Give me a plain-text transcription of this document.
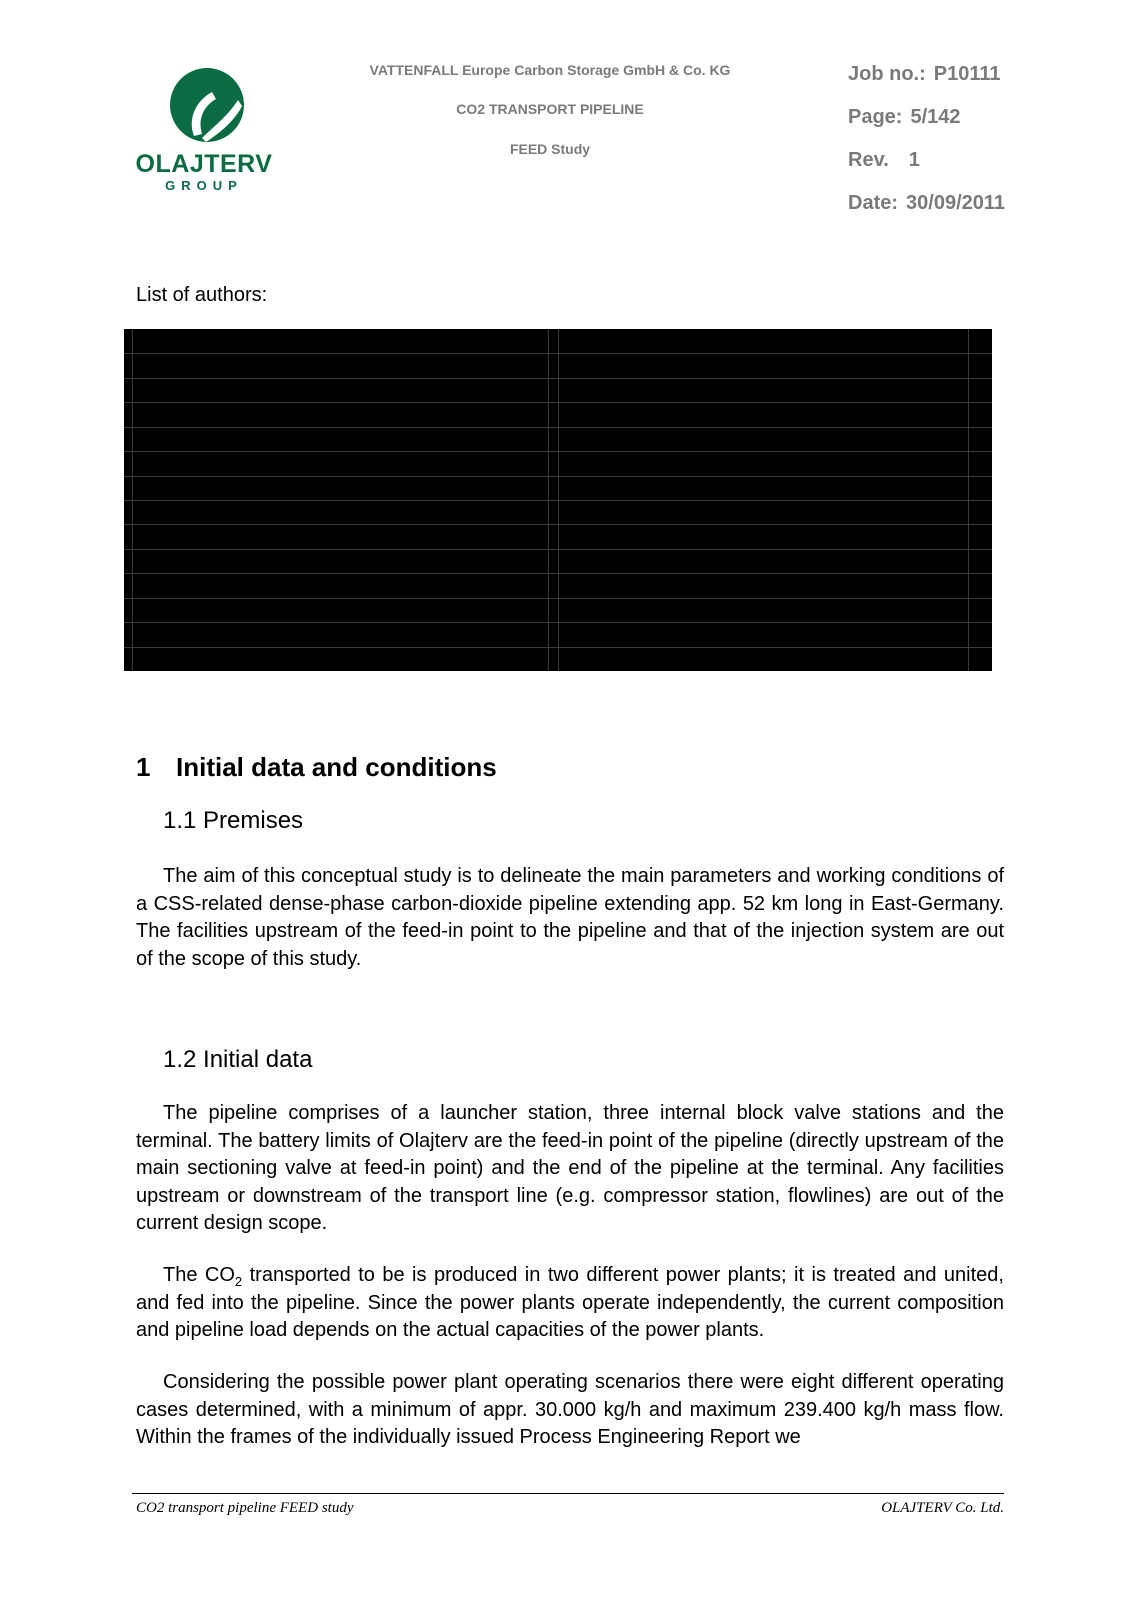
OLAJTERV
GROUP
VATTENFALL Europe Carbon Storage GmbH & Co. KG
CO2 TRANSPORT PIPELINE
FEED Study
Job no.: P10111
Page: 5/142
Rev. 1
Date: 30/09/2011
List of authors:
1 Initial data and conditions
1.1 Premises
The aim of this conceptual study is to delineate the main parameters and working conditions of a CSS-related dense-phase carbon-dioxide pipeline extending app. 52 km long in East-Germany. The facilities upstream of the feed-in point to the pipeline and that of the injection system are out of the scope of this study.
1.2 Initial data
The pipeline comprises of a launcher station, three internal block valve stations and the terminal. The battery limits of Olajterv are the feed-in point of the pipeline (directly upstream of the main sectioning valve at feed-in point) and the end of the pipeline at the terminal. Any facilities upstream or downstream of the transport line (e.g. compressor station, flowlines) are out of the current design scope.
The $CO_2$ transported to be is produced in two different power plants; it is treated and united, and fed into the pipeline. Since the power plants operate independently, the current composition and pipeline load depends on the actual capacities of the power plants.
Considering the possible power plant operating scenarios there were eight different operating cases determined, with a minimum of appr. 30.000 kg/h and maximum 239.400 kg/h mass flow. Within the frames of the individually issued Process Engineering Report we
CO2 transport pipeline FEED study	OLAJTERV Co. Ltd.
